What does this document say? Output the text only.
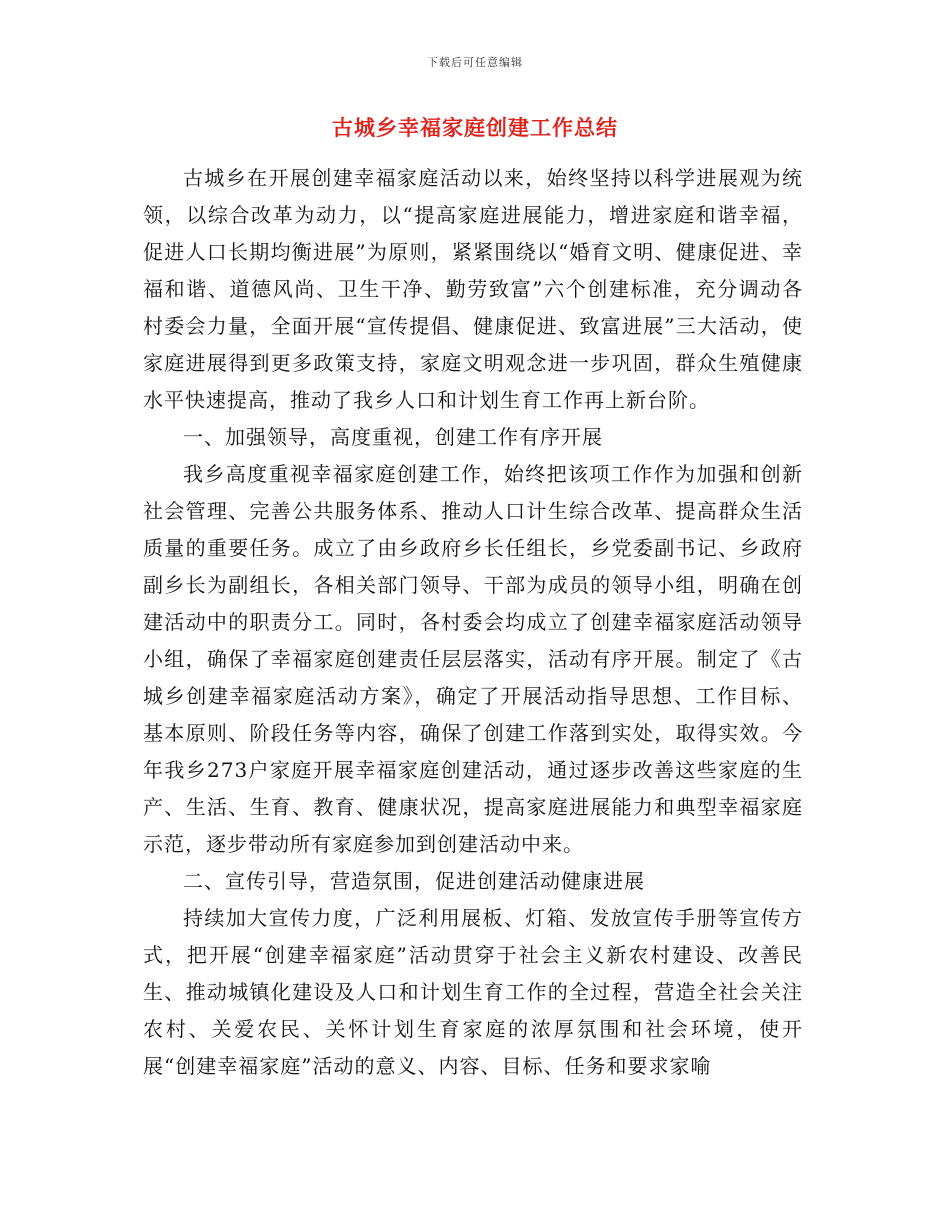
下载后可任意编辑
古城乡幸福家庭创建工作总结

古城乡在开展创建幸福家庭活动以来，始终坚持以科学进展观为统领，以综合改革为动力，以“提高家庭进展能力，增进家庭和谐幸福，促进人口长期均衡进展”为原则，紧紧围绕以“婚育文明、健康促进、幸福和谐、道德风尚、卫生干净、勤劳致富”六个创建标准，充分调动各村委会力量，全面开展“宣传提倡、健康促进、致富进展”三大活动，使家庭进展得到更多政策支持，家庭文明观念进一步巩固，群众生殖健康水平快速提高，推动了我乡人口和计划生育工作再上新台阶。

一、加强领导，高度重视，创建工作有序开展

我乡高度重视幸福家庭创建工作，始终把该项工作作为加强和创新社会管理、完善公共服务体系、推动人口计生综合改革、提高群众生活质量的重要任务。成立了由乡政府乡长任组长，乡党委副书记、乡政府副乡长为副组长，各相关部门领导、干部为成员的领导小组，明确在创建活动中的职责分工。同时，各村委会均成立了创建幸福家庭活动领导小组，确保了幸福家庭创建责任层层落实，活动有序开展。制定了《古城乡创建幸福家庭活动方案》，确定了开展活动指导思想、工作目标、基本原则、阶段任务等内容，确保了创建工作落到实处，取得实效。今年我乡273户家庭开展幸福家庭创建活动，通过逐步改善这些家庭的生产、生活、生育、教育、健康状况，提高家庭进展能力和典型幸福家庭示范，逐步带动所有家庭参加到创建活动中来。

二、宣传引导，营造氛围，促进创建活动健康进展

持续加大宣传力度，广泛利用展板、灯箱、发放宣传手册等宣传方式，把开展“创建幸福家庭”活动贯穿于社会主义新农村建设、改善民生、推动城镇化建设及人口和计划生育工作的全过程，营造全社会关注农村、关爱农民、关怀计划生育家庭的浓厚氛围和社会环境，使开展“创建幸福家庭”活动的意义、内容、目标、任务和要求家喻
